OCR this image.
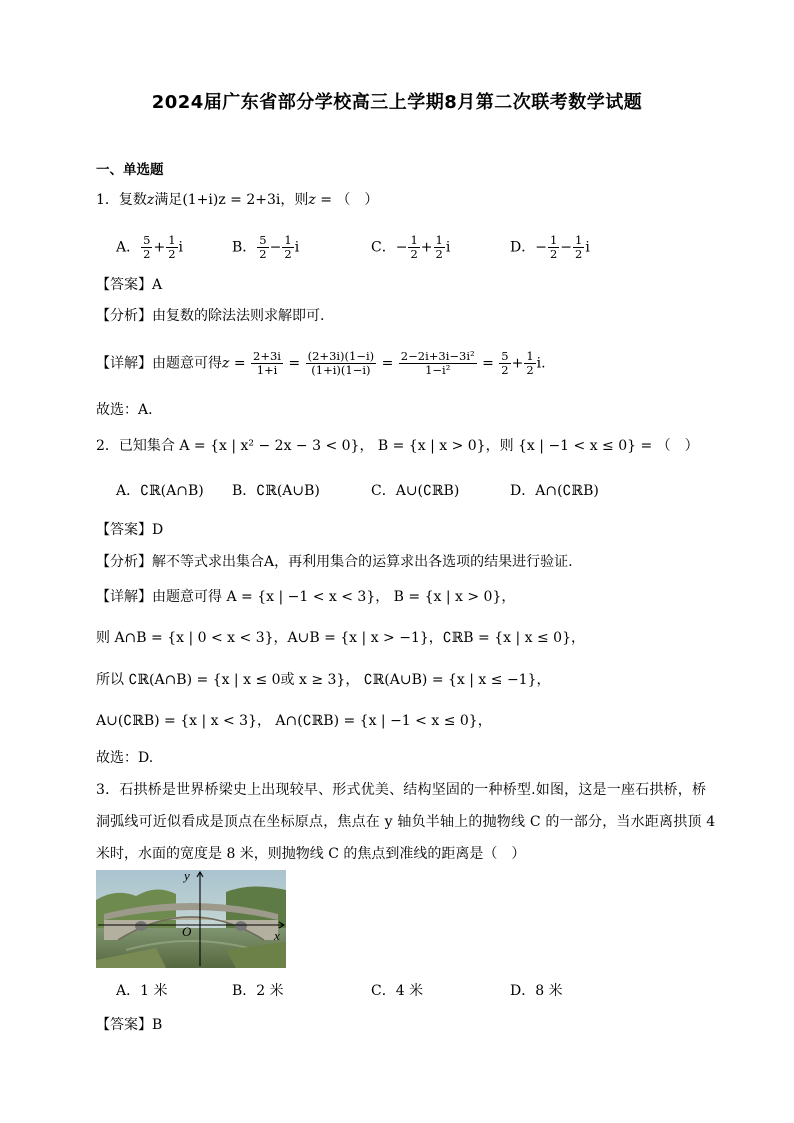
2024届广东省部分学校高三上学期8月第二次联考数学试题
一、单选题
1．复数z满足(1+i)z = 2+3i，则z = （　）
A． $\frac{5}{2} + \frac{1}{2}$ i	B． $\frac{5}{2} - \frac{1}{2}$ i	C．− $\frac{1}{2} + \frac{1}{2}$ i	D．− $\frac{1}{2} - \frac{1}{2}$ i
【答案】A
【分析】由复数的除法法则求解即可.
【详解】由题意可得$z = \frac{2+3i}{1+i} = \frac{(2+3i)(1-i)}{(1+i)(1-i)} = \frac{\text{2−2i+3i−3i²}}{\text{1−i²}} = \frac{5}{2} + \frac{1}{2} i$.
故选：A.
2．已知集合 A = {x | x² − 2x − 3 < 0}， B = {x | x > 0}，则 {x | −1 < x ≤ 0} = （　）
A．∁ℝ(A∩B) B．∁ℝ(A∪B)	C．A∪(∁ℝB)	D．A∩(∁ℝB)
【答案】D
【分析】解不等式求出集合A，再利用集合的运算求出各选项的结果进行验证.
【详解】由题意可得 A = {x | −1 < x < 3}， B = {x | x > 0}，
则 A∩B = {x | 0 < x < 3}，A∪B = {x | x > −1}，∁ℝB = {x | x ≤ 0}，
所以 ∁ℝ(A∩B) = {x | x ≤ 0或 x ≥ 3}， ∁ℝ(A∪B) = {x | x ≤ −1}，
A∪(∁ℝB) = {x | x < 3}， A∩(∁ℝB) = {x | −1 < x ≤ 0}，
故选：D.
3．石拱桥是世界桥梁史上出现较早、形式优美、结构坚固的一种桥型.如图，这是一座石拱桥，桥
洞弧线可近似看成是顶点在坐标原点，焦点在 y 轴负半轴上的抛物线 C 的一部分，当水距离拱顶 4
米时，水面的宽度是 8 米，则抛物线 C 的焦点到准线的距离是（　）
y
x
O
A．1 米	B．2 米	C．4 米	D．8 米
【答案】B
